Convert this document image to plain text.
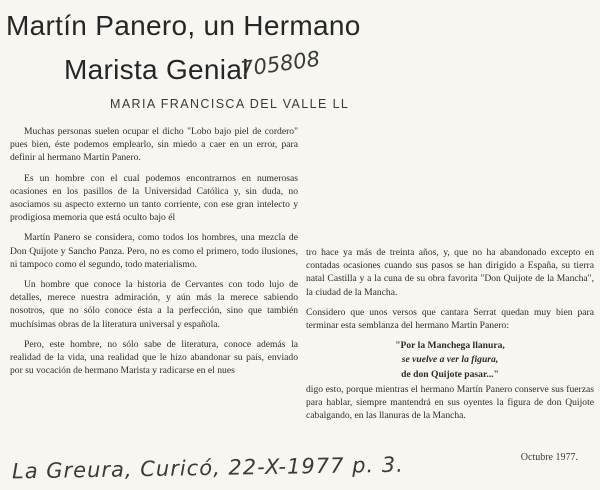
Martín Panero, un Hermano
Marista Genial
705808
MARIA FRANCISCA DEL VALLE LL

Muchas personas suelen ocupar el dicho "Lobo bajo piel de cordero" pues bien, éste podemos emplearlo, sin miedo a caer en un error, para definir al hermano Martín Panero.

Es un hombre con el cual podemos encontrarnos en numerosas ocasiones en los pasillos de la Universidad Católica y, sin duda, no asociamos su aspecto externo un tanto corriente, con ese gran intelecto y prodigiosa memoria que está oculto bajo él

Martín Panero se considera, como todos los hombres, una mezcla de Don Quijote y Sancho Panza. Pero, no es como el primero, todo ilusiones, ni tampoco como el segundo, todo materialismo.

Un hombre que conoce la historia de Cervantes con todo lujo de detalles, merece nuestra admiración, y aún más la merece sabiendo nosotros, que no sólo conoce ésta a la perfección, sino que también muchísimas obras de la literatura universal y española.

Pero, este hombre, no sólo sabe de literatura, conoce además la realidad de la vida, una realidad que le hizo abandonar su país, enviado por su vocación de hermano Marista y radicarse en el nues

tro hace ya más de treinta años, y, que no ha abandonado excepto en contadas ocasiones cuando sus pasos se han dirigido a España, su tierra natal Castilla y a la cuna de su obra favorita "Don Quijote de la Mancha", la ciudad de la Mancha.

Considero que unos versos que cantara Serrat quedan muy bien para terminar esta semblanza del hermano Martín Panero:

"Por la Manchega llanura,
se vuelve a ver la figura,
de don Quijote pasar..."

digo esto, porque mientras el hermano Martín Panero conserve sus fuerzas para hablar, siempre mantendrá en sus oyentes la figura de don Quijote cabalgando, en las llanuras de la Mancha.

Octubre 1977.
La Greura, Curicó, 22-X-1977 p. 3.
